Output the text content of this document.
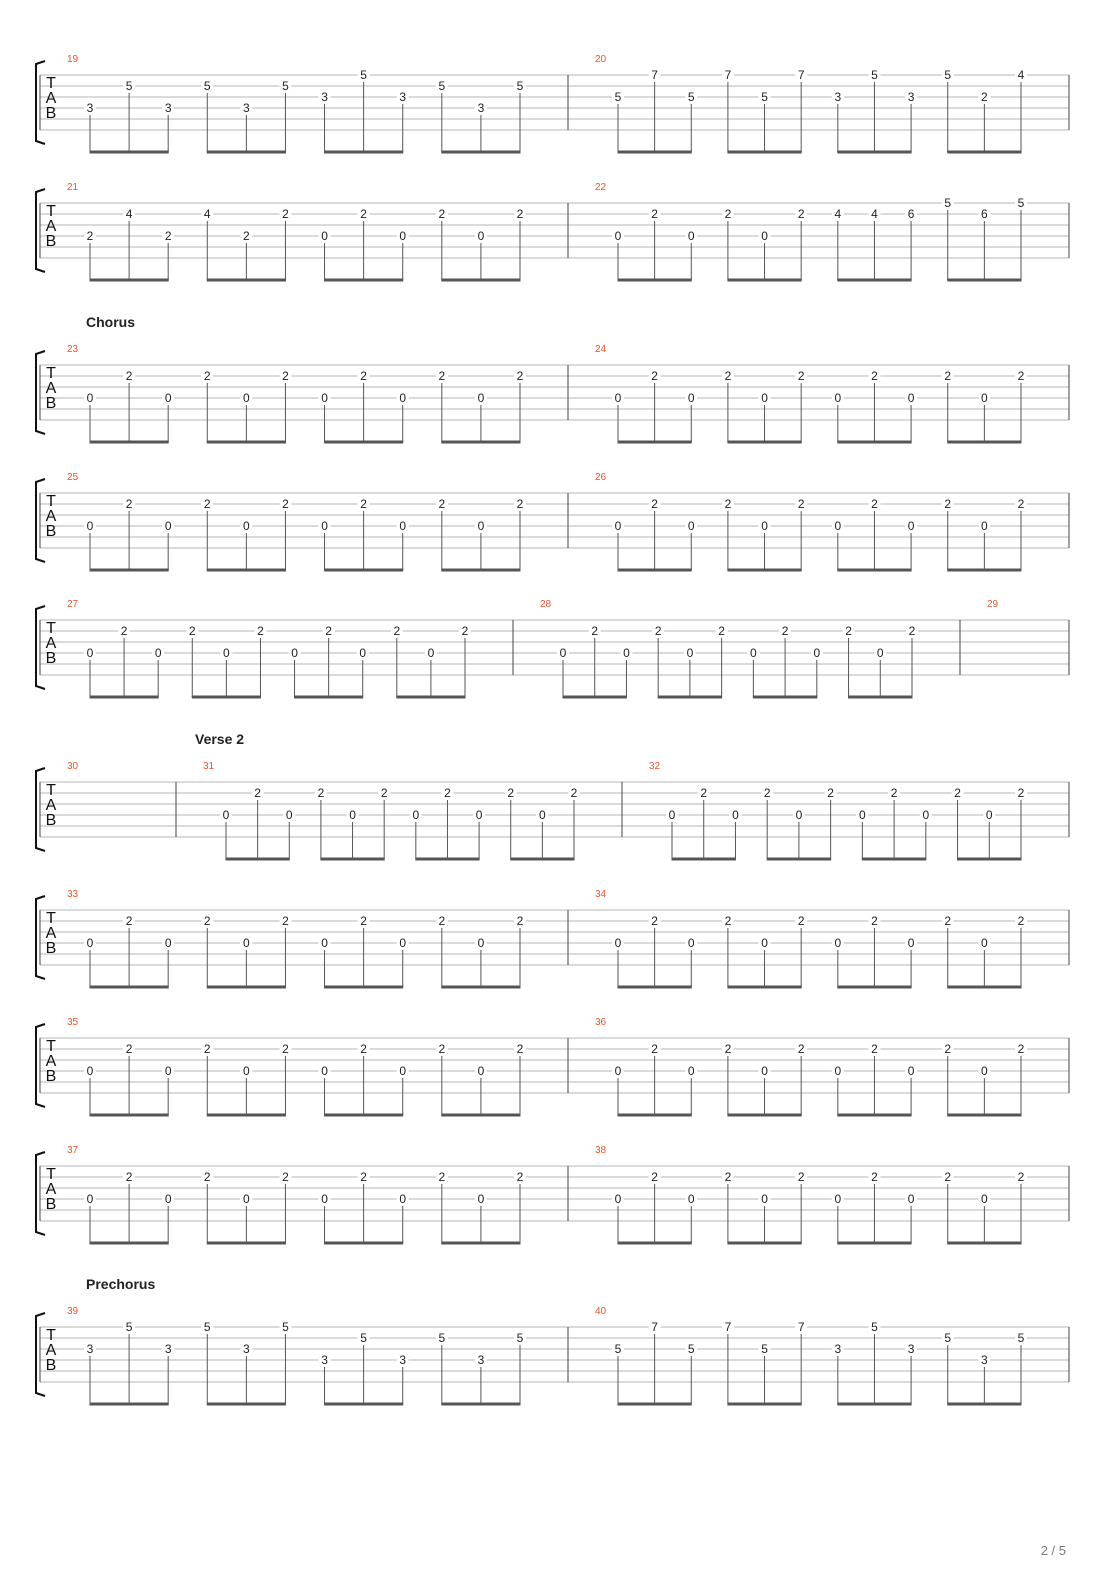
T
A
B
19
3
5
3
5
3
5
3
5
3
5
3
5
20
5
7
5
7
5
7
3
5
3
5
2
4
T
A
B
21
2
4
2
4
2
2
0
2
0
2
0
2
22
0
2
0
2
0
2 4 4 6
5
6
5
Chorus
T
A
B
23
0
2
0
2
0
2
0
2
0
2
0
2
24
0
2
0
2
0
2
0
2
0
2
0
2
T
A
B
25
0
2
0
2
0
2
0
2
0
2
0
2
26
0
2
0
2
0
2
0
2
0
2
0
2
T
A
B
27
0
2
0
2
0
2
0
2
0
2
0
2
28
0
2
0
2
0
2
0
2
0
2
0
2
29
Verse 2
T
A
B
30	31
0
2
0
2
0
2
0
2
0
2
0
2
32
0
2
0
2
0
2
0
2
0
2
0
2
T
A
B
33
0
2
0
2
0
2
0
2
0
2
0
2
34
0
2
0
2
0
2
0
2
0
2
0
2
T
A
B
35
0
2
0
2
0
2
0
2
0
2
0
2
36
0
2
0
2
0
2
0
2
0
2
0
2
T
A
B
37
0
2
0
2
0
2
0
2
0
2
0
2
38
0
2
0
2
0
2
0
2
0
2
0
2
Prechorus
T
A
B
39
3
5
3
5
3
5
3
5
3
5
3
5
40
5
7
5
7
5
7
3
5
3
5
3
5
2 / 5
